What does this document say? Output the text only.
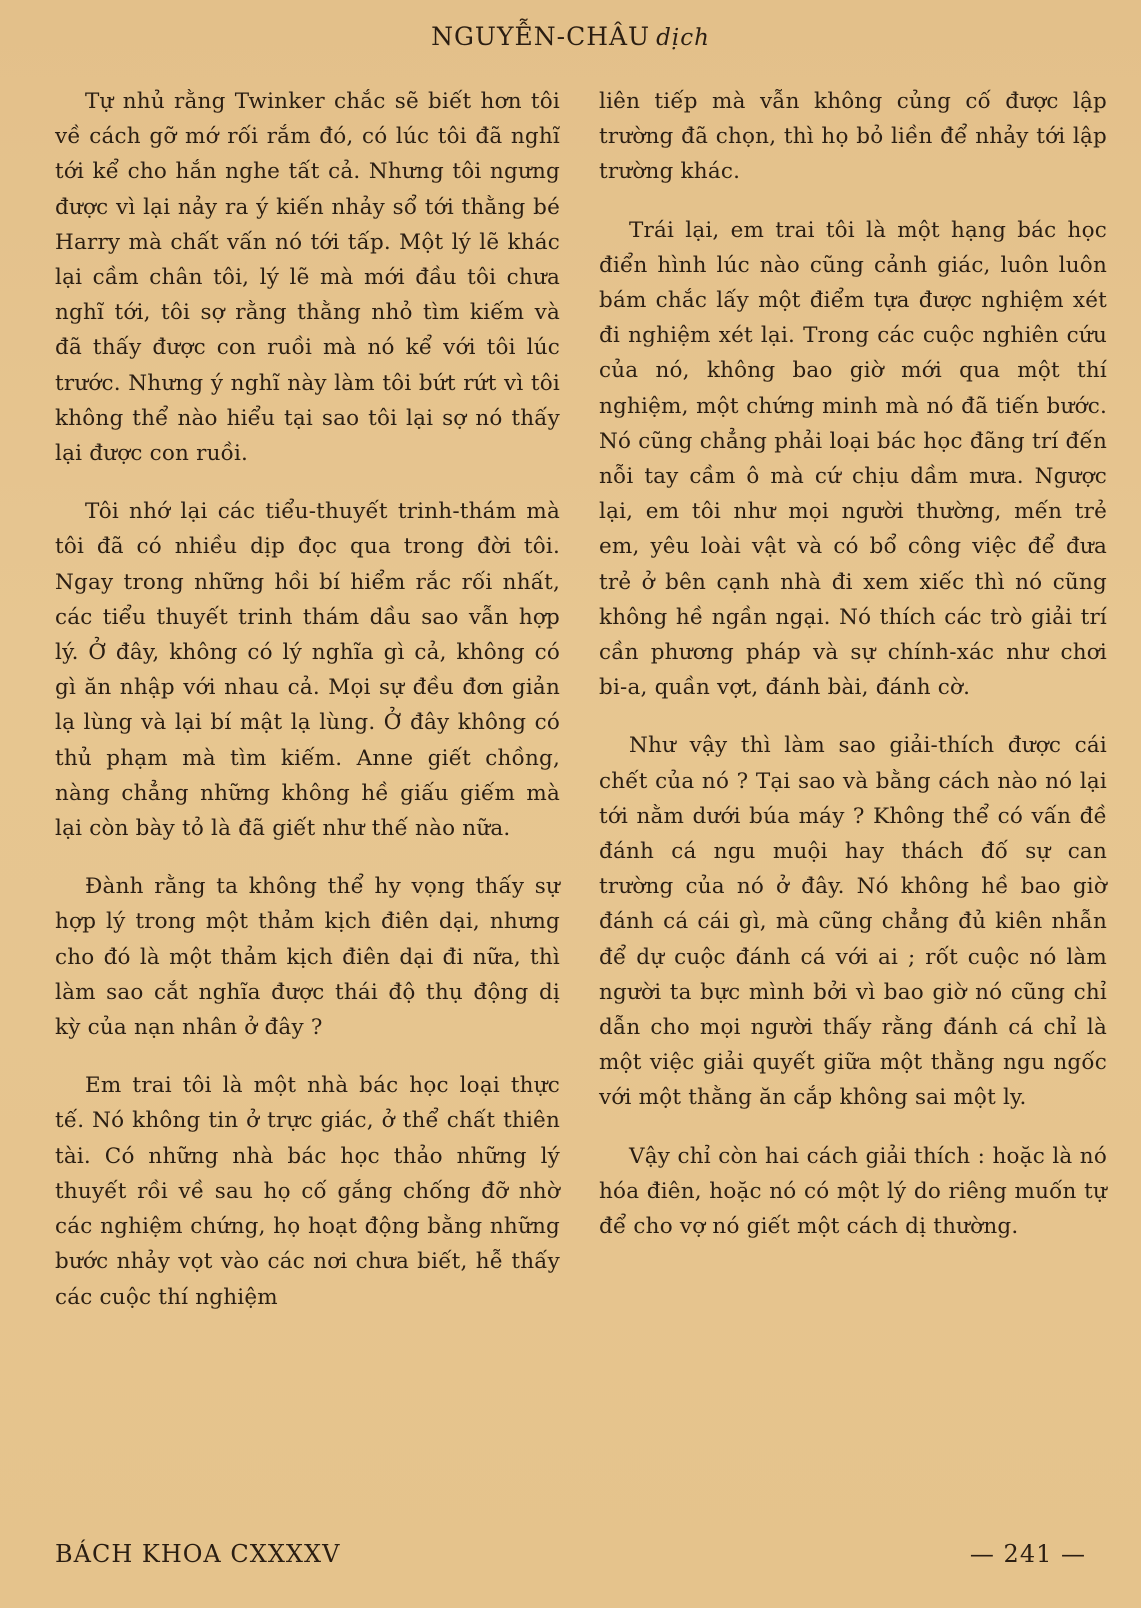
NGUYỄN-CHÂU dịch

Tự nhủ rằng Twinker chắc sẽ biết hơn tôi về cách gỡ mớ rối rắm đó, có lúc tôi đã nghĩ tới kể cho hắn nghe tất cả. Nhưng tôi ngưng được vì lại nảy ra ý kiến nhảy sổ tới thằng bé Harry mà chất vấn nó tới tấp. Một lý lẽ khác lại cầm chân tôi, lý lẽ mà mới đầu tôi chưa nghĩ tới, tôi sợ rằng thằng nhỏ tìm kiếm và đã thấy được con ruồi mà nó kể với tôi lúc trước. Nhưng ý nghĩ này làm tôi bứt rứt vì tôi không thể nào hiểu tại sao tôi lại sợ nó thấy lại được con ruồi.

Tôi nhớ lại các tiểu-thuyết trinh-thám mà tôi đã có nhiều dịp đọc qua trong đời tôi. Ngay trong những hồi bí hiểm rắc rối nhất, các tiểu thuyết trinh thám dầu sao vẫn hợp lý. Ở đây, không có lý nghĩa gì cả, không có gì ăn nhập với nhau cả. Mọi sự đều đơn giản lạ lùng và lại bí mật lạ lùng. Ở đây không có thủ phạm mà tìm kiếm. Anne giết chồng, nàng chẳng những không hề giấu giếm mà lại còn bày tỏ là đã giết như thế nào nữa.

Đành rằng ta không thể hy vọng thấy sự hợp lý trong một thảm kịch điên dại, nhưng cho đó là một thảm kịch điên dại đi nữa, thì làm sao cắt nghĩa được thái độ thụ động dị kỳ của nạn nhân ở đây ?

Em trai tôi là một nhà bác học loại thực tế. Nó không tin ở trực giác, ở thể chất thiên tài. Có những nhà bác học thảo những lý thuyết rồi về sau họ cố gắng chống đỡ nhờ các nghiệm chứng, họ hoạt động bằng những bước nhảy vọt vào các nơi chưa biết, hễ thấy các cuộc thí nghiệm

liên tiếp mà vẫn không củng cố được lập trường đã chọn, thì họ bỏ liền để nhảy tới lập trường khác.

Trái lại, em trai tôi là một hạng bác học điển hình lúc nào cũng cảnh giác, luôn luôn bám chắc lấy một điểm tựa được nghiệm xét đi nghiệm xét lại. Trong các cuộc nghiên cứu của nó, không bao giờ mới qua một thí nghiệm, một chứng minh mà nó đã tiến bước. Nó cũng chẳng phải loại bác học đãng trí đến nỗi tay cầm ô mà cứ chịu dầm mưa. Ngược lại, em tôi như mọi người thường, mến trẻ em, yêu loài vật và có bổ công việc để đưa trẻ ở bên cạnh nhà đi xem xiếc thì nó cũng không hề ngần ngại. Nó thích các trò giải trí cần phương pháp và sự chính-xác như chơi bi-a, quần vợt, đánh bài, đánh cờ.

Như vậy thì làm sao giải-thích được cái chết của nó ? Tại sao và bằng cách nào nó lại tới nằm dưới búa máy ? Không thể có vấn đề đánh cá ngu muội hay thách đố sự can trường của nó ở đây. Nó không hề bao giờ đánh cá cái gì, mà cũng chẳng đủ kiên nhẫn để dự cuộc đánh cá với ai ; rốt cuộc nó làm người ta bực mình bởi vì bao giờ nó cũng chỉ dẫn cho mọi người thấy rằng đánh cá chỉ là một việc giải quyết giữa một thằng ngu ngốc với một thằng ăn cắp không sai một ly.

Vậy chỉ còn hai cách giải thích : hoặc là nó hóa điên, hoặc nó có một lý do riêng muốn tự để cho vợ nó giết một cách dị thường.

BÁCH KHOA CXXXXV	— 241 —
